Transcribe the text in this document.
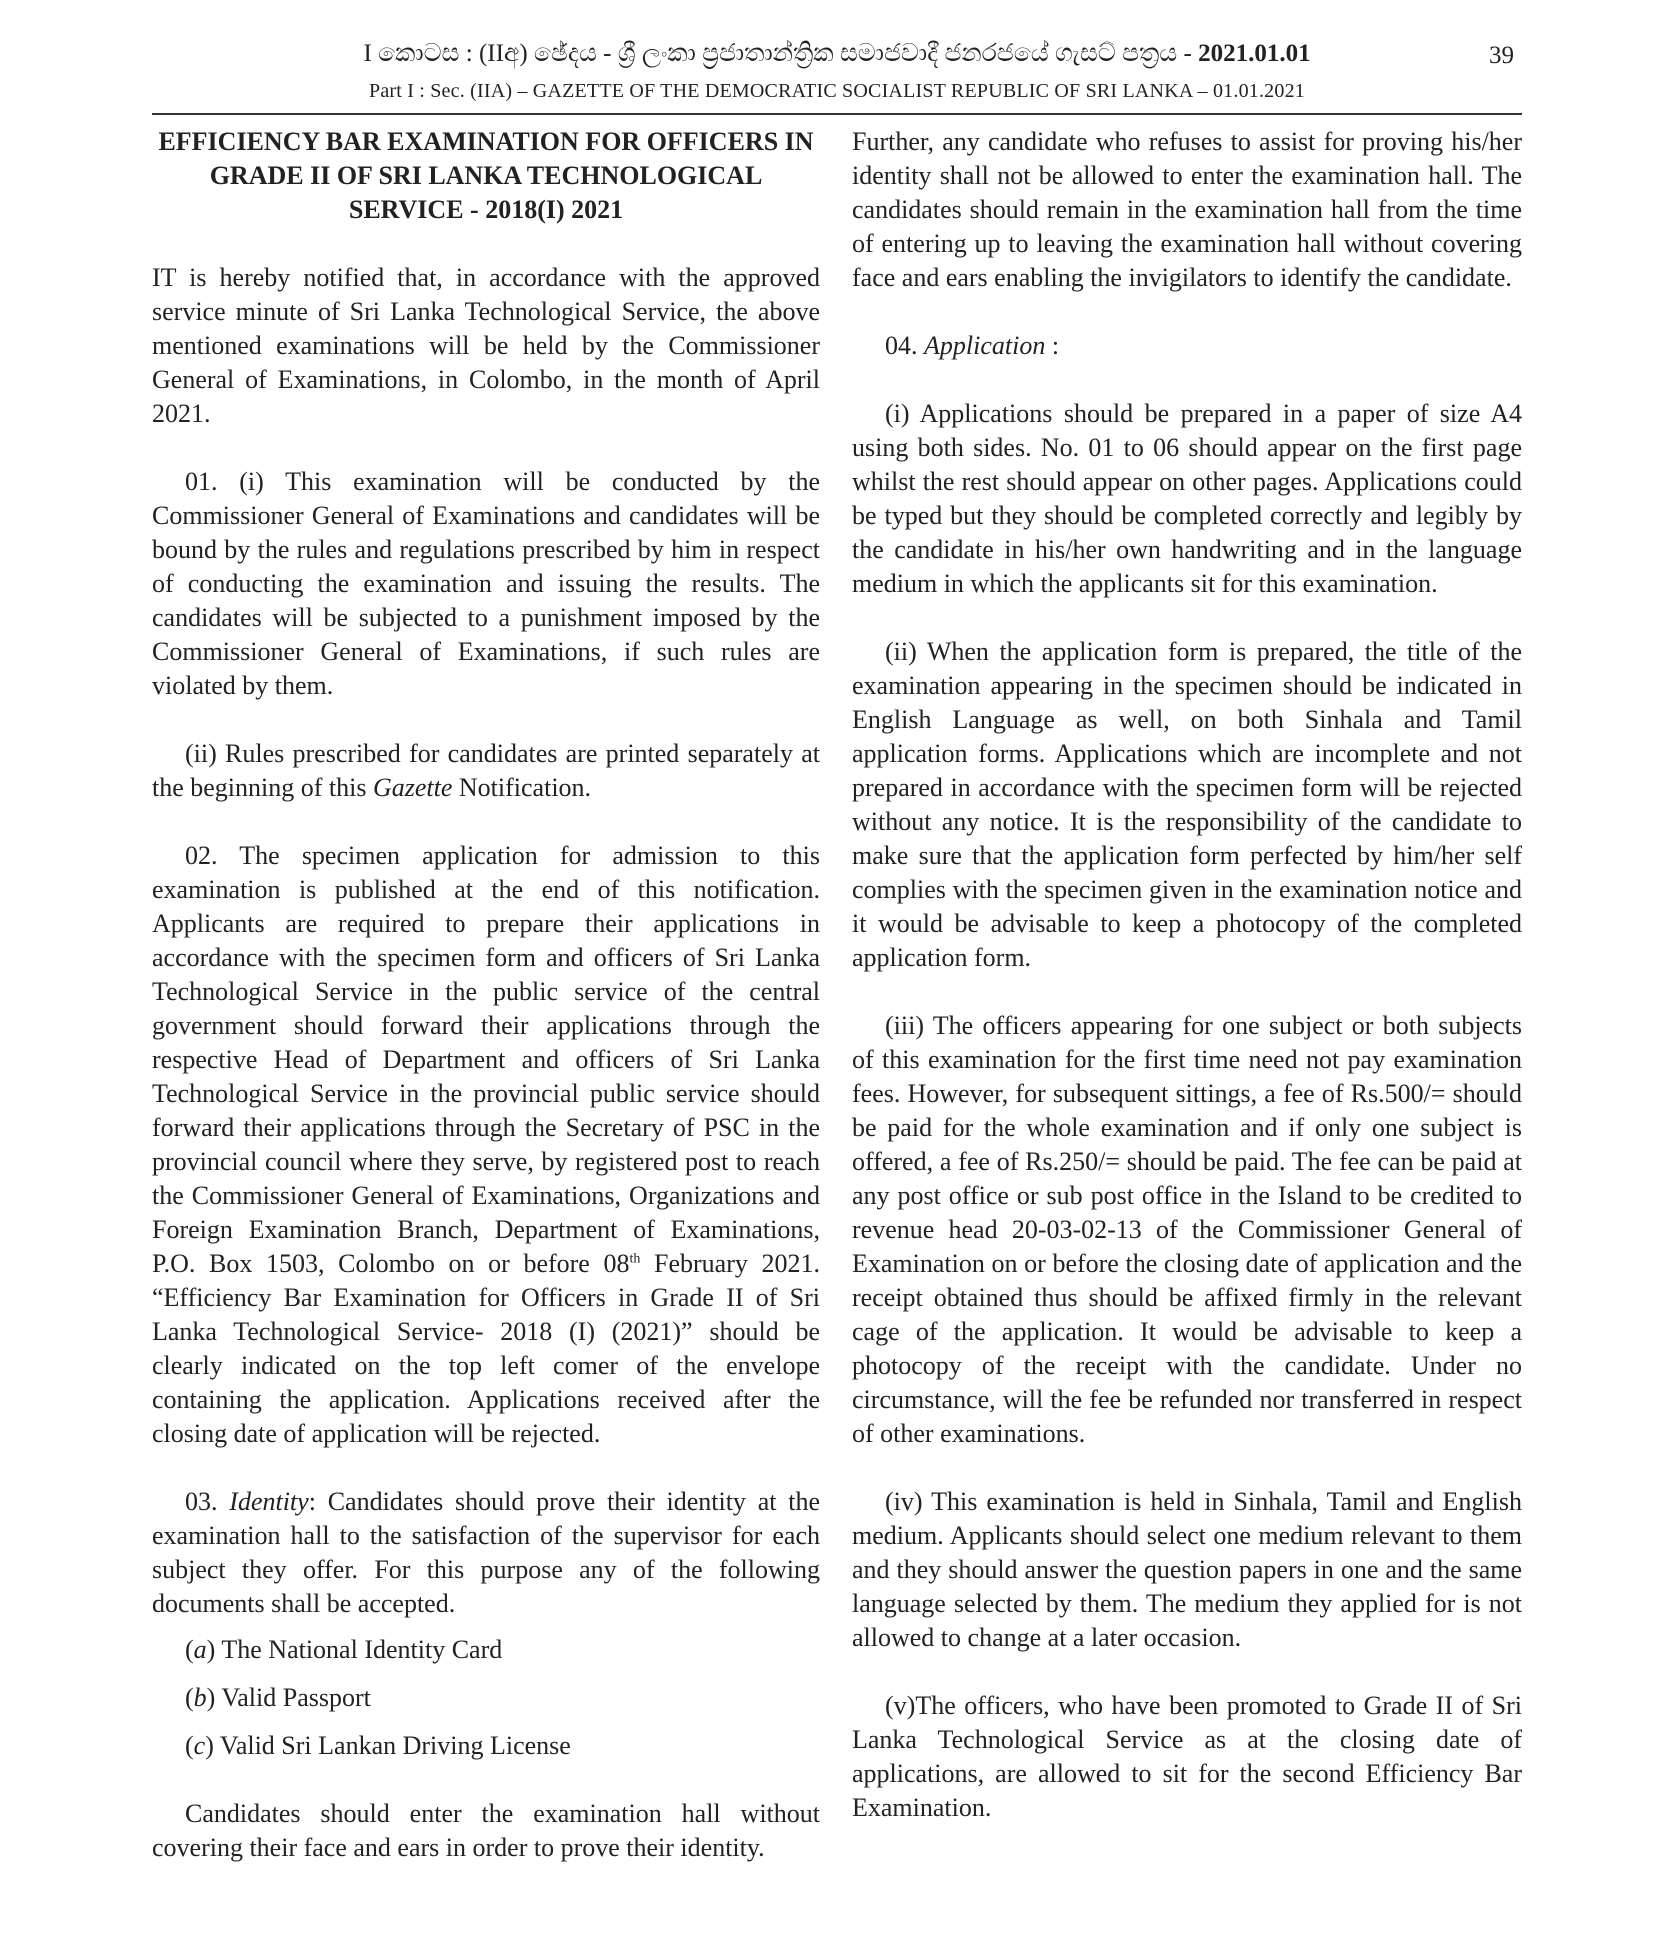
I කොටස : (IIඅ) ඡේදය - ශ්‍රී ලංකා ප්‍රජාතාන්ත්‍රික සමාජවාදී ජනරජයේ ගැසට් පත්‍රය - 2021.01.01	39
Part I : Sec. (IIA) – GAZETTE OF THE DEMOCRATIC SOCIALIST REPUBLIC OF SRI LANKA – 01.01.2021
EFFICIENCY BAR EXAMINATION FOR OFFICERS IN GRADE II OF SRI LANKA TECHNOLOGICAL SERVICE - 2018(I) 2021

IT is hereby notified that, in accordance with the approved service minute of Sri Lanka Technological Service, the above mentioned examinations will be held by the Commissioner General of Examinations, in Colombo, in the month of April 2021.

01. (i) This examination will be conducted by the Commissioner General of Examinations and candidates will be bound by the rules and regulations prescribed by him in respect of conducting the examination and issuing the results. The candidates will be subjected to a punishment imposed by the Commissioner General of Examinations, if such rules are violated by them.

(ii) Rules prescribed for candidates are printed separately at the beginning of this Gazette Notification.

02. The specimen application for admission to this examination is published at the end of this notification. Applicants are required to prepare their applications in accordance with the specimen form and officers of Sri Lanka Technological Service in the public service of the central government should forward their applications through the respective Head of Department and officers of Sri Lanka Technological Service in the provincial public service should forward their applications through the Secretary of PSC in the provincial council where they serve, by registered post to reach the Commissioner General of Examinations, Organizations and Foreign Examination Branch, Department of Examinations, P.O. Box 1503, Colombo on or before 08th February 2021. “Efficiency Bar Examination for Officers in Grade II of Sri Lanka Technological Service- 2018 (I) (2021)” should be clearly indicated on the top left comer of the envelope containing the application. Applications received after the closing date of application will be rejected.

03. Identity: Candidates should prove their identity at the examination hall to the satisfaction of the supervisor for each subject they offer. For this purpose any of the following documents shall be accepted.

(a) The National Identity Card
(b) Valid Passport
(c) Valid Sri Lankan Driving License

Candidates should enter the examination hall without covering their face and ears in order to prove their identity.

Further, any candidate who refuses to assist for proving his/her identity shall not be allowed to enter the examination hall. The candidates should remain in the examination hall from the time of entering up to leaving the examination hall without covering face and ears enabling the invigilators to identify the candidate.

04. Application :

(i) Applications should be prepared in a paper of size A4 using both sides. No. 01 to 06 should appear on the first page whilst the rest should appear on other pages. Applications could be typed but they should be completed correctly and legibly by the candidate in his/her own handwriting and in the language medium in which the applicants sit for this examination.

(ii) When the application form is prepared, the title of the examination appearing in the specimen should be indicated in English Language as well, on both Sinhala and Tamil application forms. Applications which are incomplete and not prepared in accordance with the specimen form will be rejected without any notice. It is the responsibility of the candidate to make sure that the application form perfected by him/her self complies with the specimen given in the examination notice and it would be advisable to keep a photocopy of the completed application form.

(iii) The officers appearing for one subject or both subjects of this examination for the first time need not pay examination fees. However, for subsequent sittings, a fee of Rs.500/= should be paid for the whole examination and if only one subject is offered, a fee of Rs.250/= should be paid. The fee can be paid at any post office or sub post office in the Island to be credited to revenue head 20-03-02-13 of the Commissioner General of Examination on or before the closing date of application and the receipt obtained thus should be affixed firmly in the relevant cage of the application. It would be advisable to keep a photocopy of the receipt with the candidate. Under no circumstance, will the fee be refunded nor transferred in respect of other examinations.

(iv) This examination is held in Sinhala, Tamil and English medium. Applicants should select one medium relevant to them and they should answer the question papers in one and the same language selected by them. The medium they applied for is not allowed to change at a later occasion.

(v)The officers, who have been promoted to Grade II of Sri Lanka Technological Service as at the closing date of applications, are allowed to sit for the second Efficiency Bar Examination.
